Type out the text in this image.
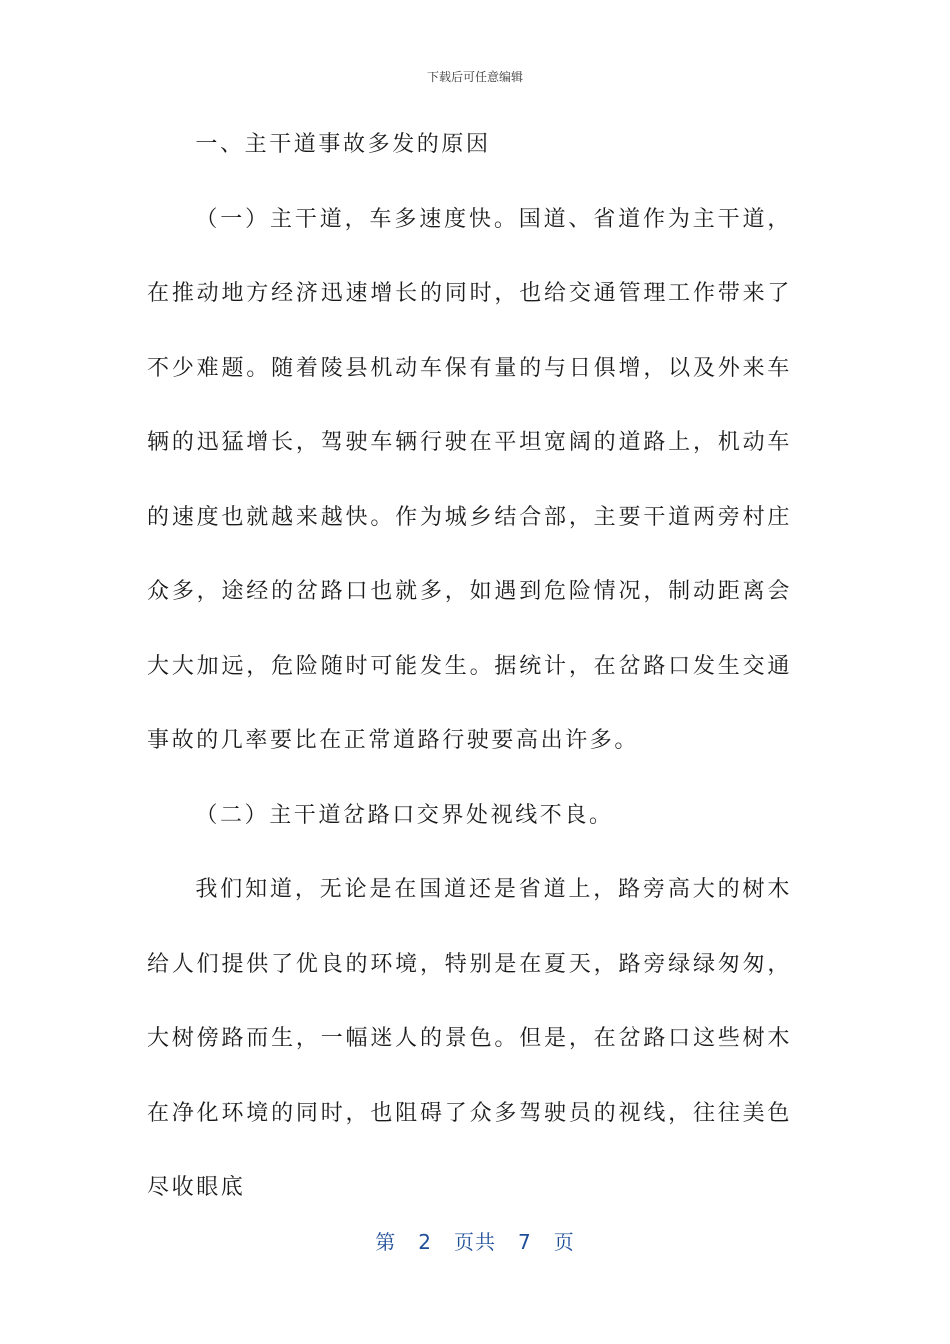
下载后可任意编辑

一、主干道事故多发的原因

（一）主干道，车多速度快。国道、省道作为主干道，在推动地方经济迅速增长的同时，也给交通管理工作带来了不少难题。随着陵县机动车保有量的与日俱增，以及外来车辆的迅猛增长，驾驶车辆行驶在平坦宽阔的道路上，机动车的速度也就越来越快。作为城乡结合部，主要干道两旁村庄众多，途经的岔路口也就多，如遇到危险情况，制动距离会大大加远，危险随时可能发生。据统计，在岔路口发生交通事故的几率要比在正常道路行驶要高出许多。

（二）主干道岔路口交界处视线不良。

我们知道，无论是在国道还是省道上，路旁高大的树木给人们提供了优良的环境，特别是在夏天，路旁绿绿匆匆，大树傍路而生，一幅迷人的景色。但是，在岔路口这些树木在净化环境的同时，也阻碍了众多驾驶员的视线，往往美色尽收眼底

第 2 页共 7 页
